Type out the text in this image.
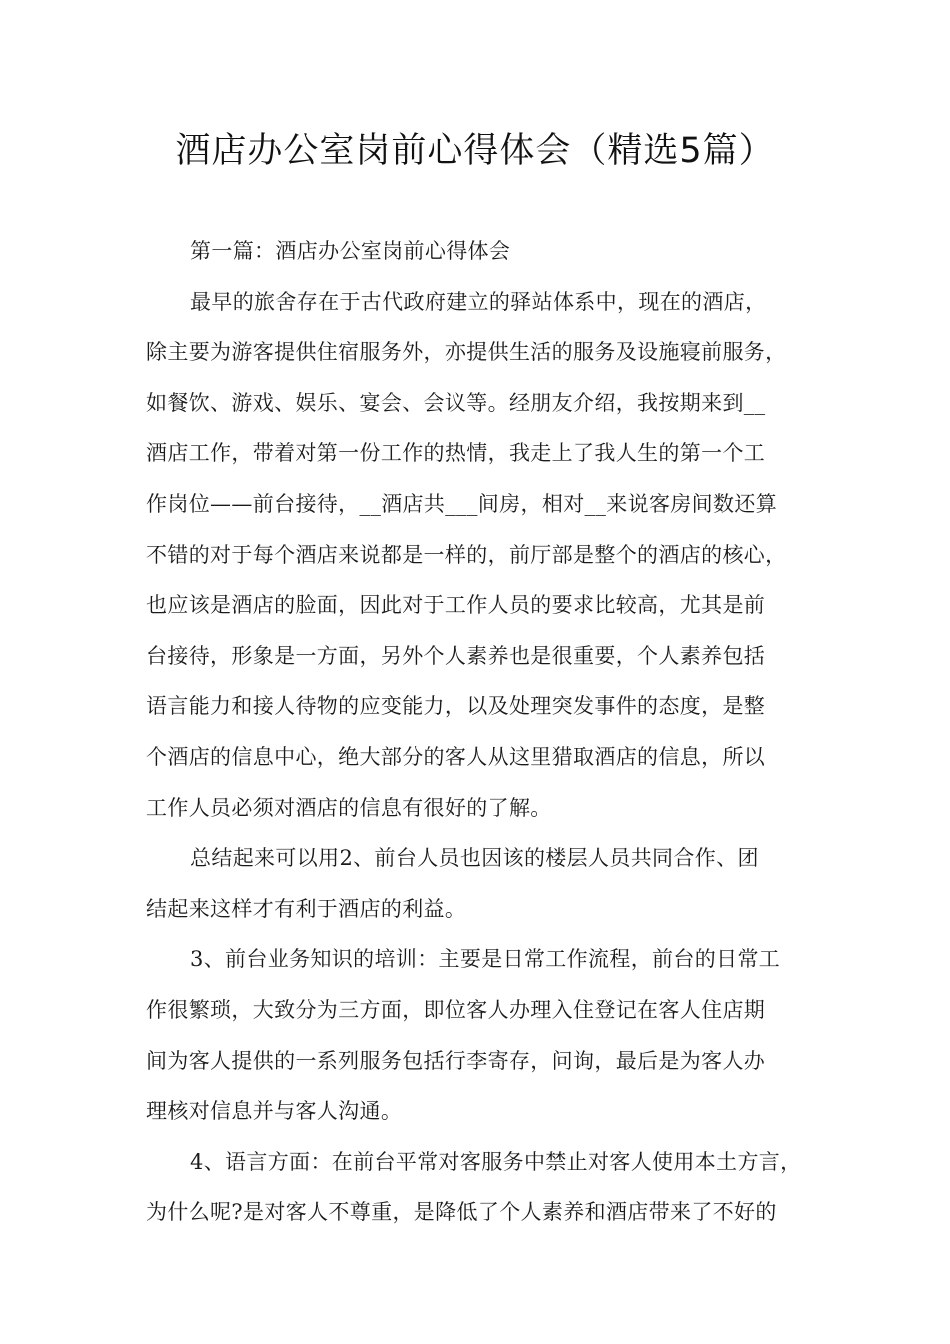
酒店办公室岗前心得体会（精选5篇）
第一篇：酒店办公室岗前心得体会
最早的旅舍存在于古代政府建立的驿站体系中，现在的酒店，
除主要为游客提供住宿服务外，亦提供生活的服务及设施寝前服务，
如餐饮、游戏、娱乐、宴会、会议等。经朋友介绍，我按期来到__
酒店工作，带着对第一份工作的热情，我走上了我人生的第一个工
作岗位——前台接待，__酒店共___间房，相对__来说客房间数还算
不错的对于每个酒店来说都是一样的，前厅部是整个的酒店的核心，
也应该是酒店的脸面，因此对于工作人员的要求比较高，尤其是前
台接待，形象是一方面，另外个人素养也是很重要，个人素养包括
语言能力和接人待物的应变能力，以及处理突发事件的态度，是整
个酒店的信息中心，绝大部分的客人从这里猎取酒店的信息，所以
工作人员必须对酒店的信息有很好的了解。
总结起来可以用2、前台人员也因该的楼层人员共同合作、团
结起来这样才有利于酒店的利益。
3、前台业务知识的培训：主要是日常工作流程，前台的日常工
作很繁琐，大致分为三方面，即位客人办理入住登记在客人住店期
间为客人提供的一系列服务包括行李寄存，问询，最后是为客人办
理核对信息并与客人沟通。
4、语言方面：在前台平常对客服务中禁止对客人使用本土方言，
为什么呢?是对客人不尊重，是降低了个人素养和酒店带来了不好的
